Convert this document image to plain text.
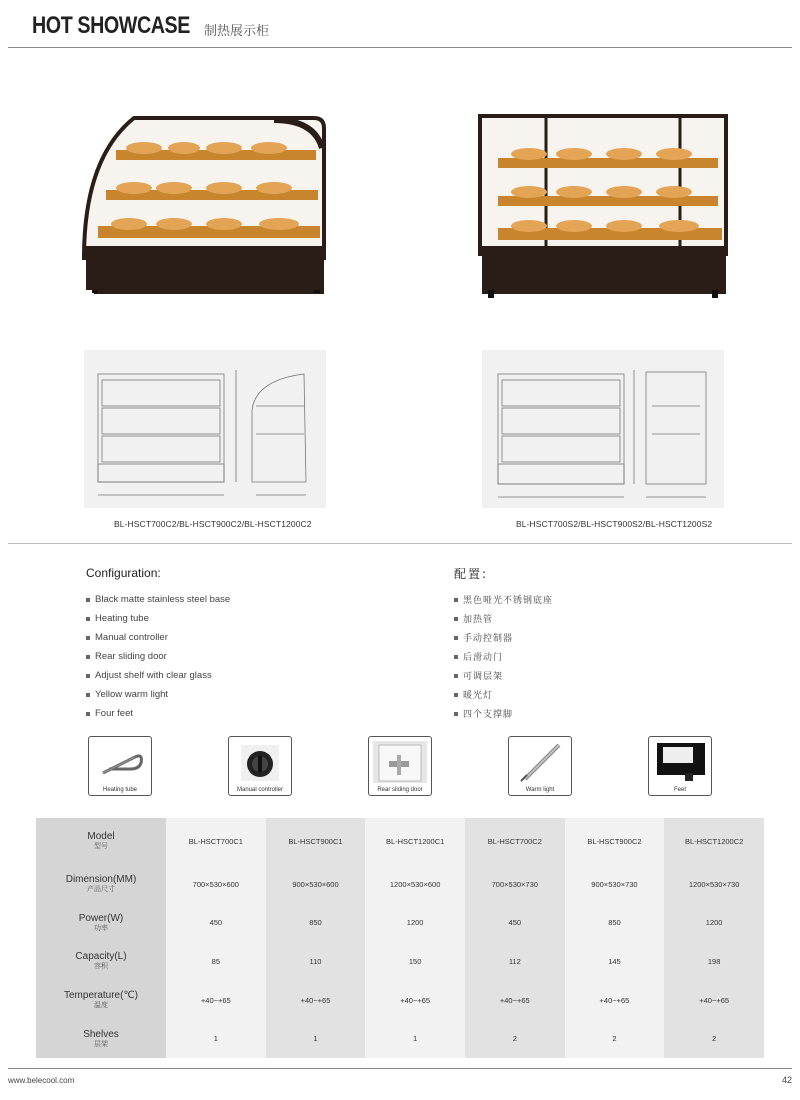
HOT SHOWCASE 制热展示柜
BL-HSCT700C2/BL-HSCT900C2/BL-HSCT1200C2	BL-HSCT700S2/BL-HSCT900S2/BL-HSCT1200S2
Configuration:	配置:
Black matte stainless steel base
Heating tube
Manual controller
Rear sliding door
Adjust shelf with clear glass
Yellow warm light
Four feet
黑色哑光不锈钢底座
加热管
手动控制器
后滑动门
可调层架
暖光灯
四个支撑脚
Heating tube	Manual controller	Rear sliding door	Warm light	Feet
Model
型号	BL-HSCT700C1	BL-HSCT900C1	BL-HSCT1200C1	BL-HSCT700C2	BL-HSCT900C2	BL-HSCT1200C2

Dimension(MM)
产品尺寸	700×530×600	900×530×600	1200×530×600	700×530×730	900×530×730	1200×530×730

Power(W)
功率	450	850	1200	450	850	1200

Capacity(L)
容积	85	110	150	112	145	198

Temperature(℃)
温度	+40~+65	+40~+65	+40~+65	+40~+65	+40~+65	+40~+65

Shelves
层架	1	1	1	2	2	2
www.belecool.com	42
